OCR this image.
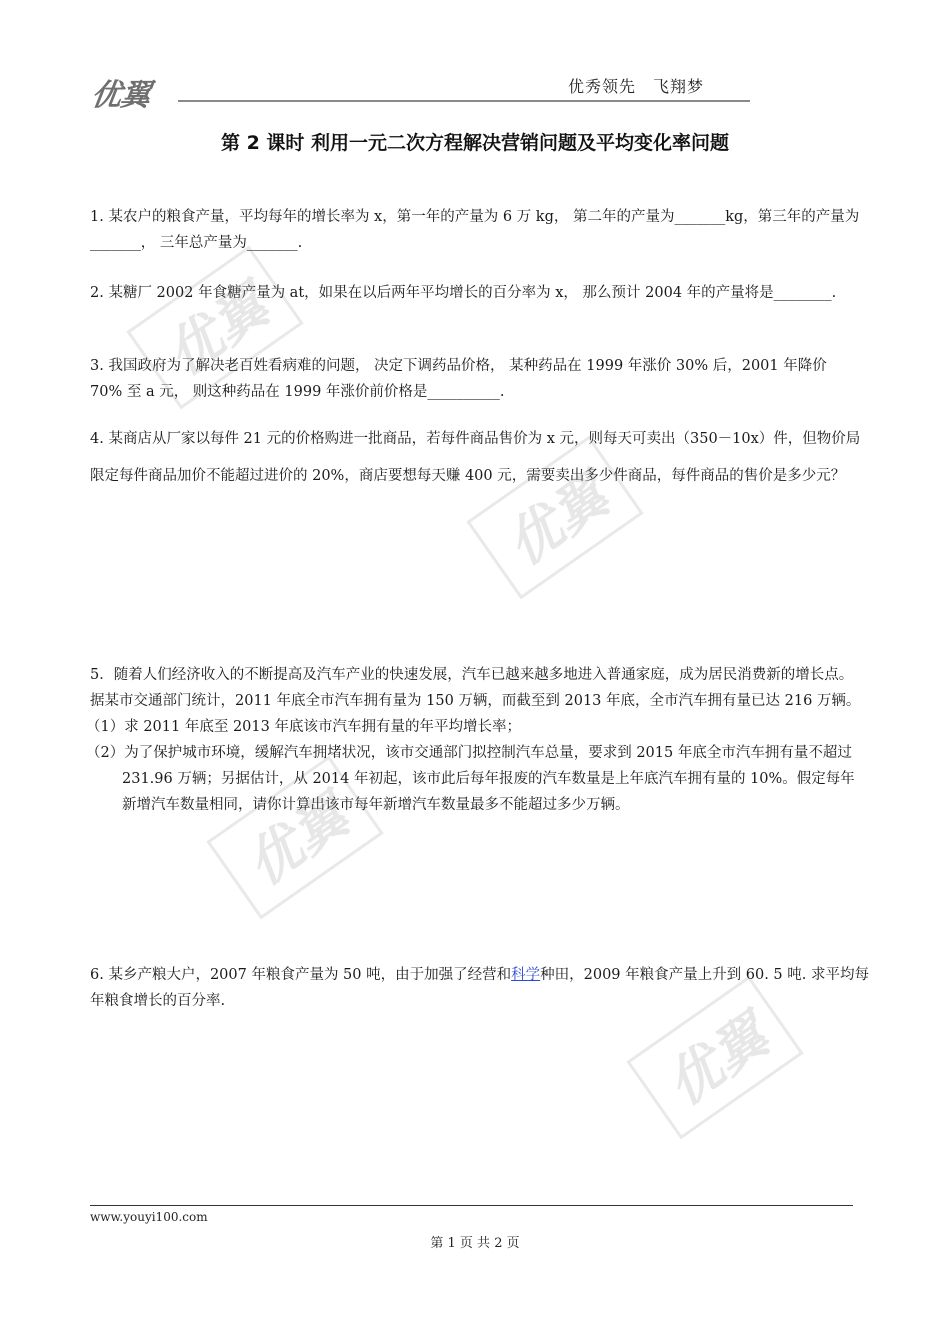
优翼	优秀领先　飞翔梦
第 2 课时 利用一元二次方程解决营销问题及平均变化率问题
1. 某农户的粮食产量，平均每年的增长率为 x，第一年的产量为 6 万 kg， 第二年的产量为_______kg，第三年的产量为_______， 三年总产量为_______.
2. 某糖厂 2002 年食糖产量为 at，如果在以后两年平均增长的百分率为 x， 那么预计 2004 年的产量将是________.
3. 我国政府为了解决老百姓看病难的问题， 决定下调药品价格， 某种药品在 1999 年涨价 30% 后，2001 年降价 70% 至 a 元， 则这种药品在 1999 年涨价前价格是__________.
4. 某商店从厂家以每件 21 元的价格购进一批商品，若每件商品售价为 x 元，则每天可卖出（350－10x）件，但物价局限定每件商品加价不能超过进价的 20%，商店要想每天赚 400 元，需要卖出多少件商品，每件商品的售价是多少元？
5．随着人们经济收入的不断提高及汽车产业的快速发展，汽车已越来越多地进入普通家庭，成为居民消费新的增长点。据某市交通部门统计，2011 年底全市汽车拥有量为 150 万辆，而截至到 2013 年底，全市汽车拥有量已达 216 万辆。
（1）求 2011 年底至 2013 年底该市汽车拥有量的年平均增长率；
（2）为了保护城市环境，缓解汽车拥堵状况，该市交通部门拟控制汽车总量，要求到 2015 年底全市汽车拥有量不超过 231.96 万辆；另据估计，从 2014 年初起，该市此后每年报废的汽车数量是上年底汽车拥有量的 10%。假定每年新增汽车数量相同，请你计算出该市每年新增汽车数量最多不能超过多少万辆。
6. 某乡产粮大户，2007 年粮食产量为 50 吨，由于加强了经营和科学种田，2009 年粮食产量上升到 60. 5 吨. 求平均每年粮食增长的百分率.
优翼
优翼
优翼
优翼
www.youyi100.com
第 1 页 共 2 页
